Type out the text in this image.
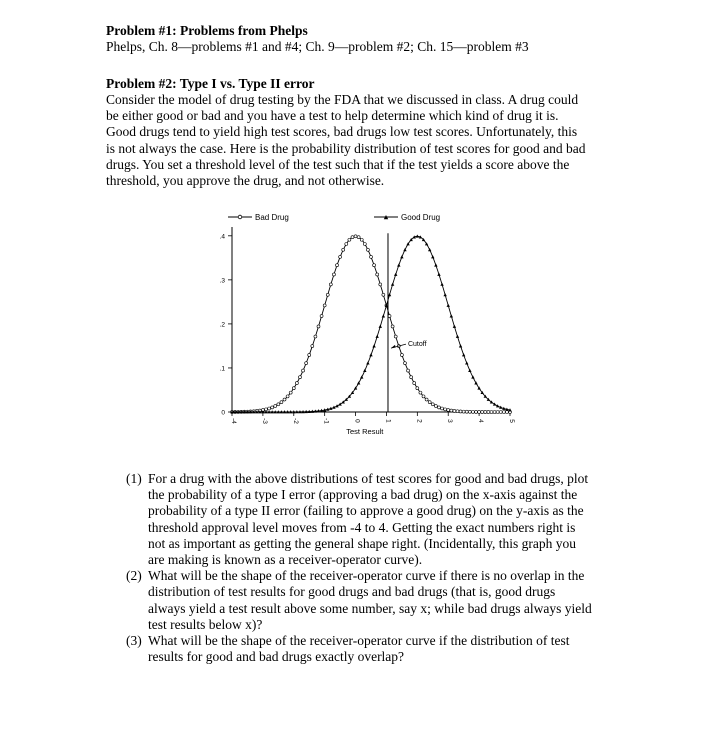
Problem #1: Problems from Phelps
Phelps, Ch. 8—problems #1 and #4; Ch. 9—problem #2; Ch. 15—problem #3
Problem #2: Type I vs. Type II error
Consider the model of drug testing by the FDA that we discussed in class. A drug could
be either good or bad and you have a test to help determine which kind of drug it is.
Good drugs tend to yield high test scores, bad drugs low test scores. Unfortunately, this
is not always the case. Here is the probability distribution of test scores for good and bad
drugs. You set a threshold level of the test such that if the test yields a score above the
threshold, you approve the drug, and not otherwise.
Bad Drug	Good Drug
.4
.3
.2
.1
0
-4	-3	-2	-1	0	1	2	3	4	5
Cutoff
Test Result
(1) For a drug with the above distributions of test scores for good and bad drugs, plot
the probability of a type I error (approving a bad drug) on the x-axis against the
probability of a type II error (failing to approve a good drug) on the y-axis as the
threshold approval level moves from -4 to 4. Getting the exact numbers right is
not as important as getting the general shape right. (Incidentally, this graph you
are making is known as a receiver-operator curve).
(2) What will be the shape of the receiver-operator curve if there is no overlap in the
distribution of test results for good drugs and bad drugs (that is, good drugs
always yield a test result above some number, say x; while bad drugs always yield
test results below x)?
(3) What will be the shape of the receiver-operator curve if the distribution of test
results for good and bad drugs exactly overlap?
